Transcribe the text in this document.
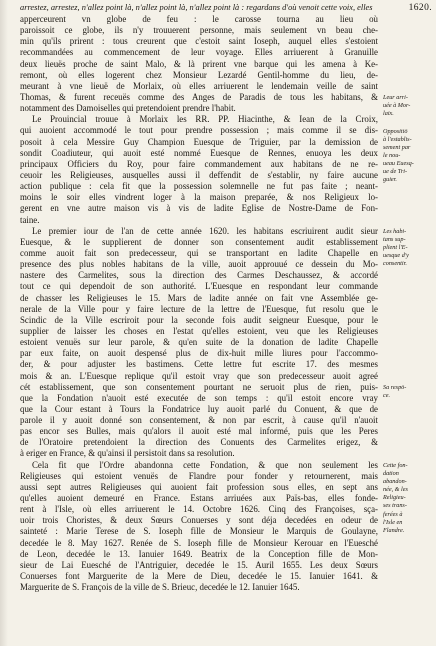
arrestez, arrestez, n'allez point là, n'allez point là, n'allez point là : regardans d'où venoit cette voix, elles	1620.
apperceurent vn globe de feu : le carosse tourna au lieu où
paroissoit ce globe, ils n'y trouuerent personne, mais seulement vn beau che-
min qu'ils prirent : tous creurent que c'estoit saint Ioseph, auquel elles s'estoient
recommandées au commencement de leur voyage. Elles arriuerent à Granuille
deux lieuës proche de saint Malo, & là prirent vne barque qui les amena à Ke-
remont, où elles logerent chez Monsieur Lezardé Gentil-homme du lieu, de-
meurant à vne lieuë de Morlaix, où elles arriuerent le lendemain veille de saint
Thomas, & furent receuës comme des Anges de Paradis de tous les habitans, &
notamment des Damoiselles qui pretendoient prendre l'habit.
Le Prouincial trouue à Morlaix les RR. PP. Hiacinthe, & Iean de la Croix,
qui auoient accommodé le tout pour prendre possession ; mais comme il se dis-
posoit à cela Messire Guy Champion Euesque de Triguier, par la demission de
sondit Coadiuteur, qui auoit esté nommé Euesque de Rennes, enuoya les deux
principaux Officiers du Roy, pour faire commandement aux habitans de ne re-
ceuoir les Religieuses, ausquelles aussi il deffendit de s'establir, ny faire aucune
action publique : cela fit que la possession solemnelle ne fut pas faite ; neant-
moins le soir elles vindrent loger à la maison preparée, & nos Religieux lo-
gerent en vne autre maison vis à vis de ladite Eglise de Nostre-Dame de Fon-
taine.
Le premier iour de l'an de cette année 1620. les habitans escriuirent audit sieur
Euesque, & le supplierent de donner son consentement audit establissement
comme auoit fait son predecesseur, qui se transportant en ladite Chapelle en
presence des plus nobles habitans de la ville, auoit approuué ce dessein du Mo-
nastere des Carmelites, sous la direction des Carmes Deschaussez, & accordé
tout ce qui dependoit de son authorité. L'Euesque en respondant leur commande
de chasser les Religieuses le 15. Mars de ladite année on fait vne Assemblée ge-
nerale de la Ville pour y faire lecture de la lettre de l'Euesque, fut resolu que le
Scindic de la Ville escriroit pour la seconde fois audit seigneur Euesque, pour le
supplier de laisser les choses en l'estat qu'elles estoient, veu que les Religieuses
estoient venuës sur leur parole, & qu'en suite de la donation de ladite Chapelle
par eux faite, on auoit despensé plus de dix-huit mille liures pour l'accommo-
der, & pour adjuster les bastimens. Cette lettre fut escrite 17. des mesmes
mois & an. L'Euesque replique qu'il estoit vray que son predecesseur auoit agreé
cét establissement, que son consentement pourtant ne seruoit plus de rien, puis-
que la Fondation n'auoit esté executée de son temps : qu'il estoit encore vray
que la Cour estant à Tours la Fondatrice luy auoit parlé du Conuent, & que de
parole il y auoit donné son consentement, & non par escrit, à cause qu'il n'auoit
pas encor ses Bulles, mais qu'alors il auoit esté mal informé, puis que les Peres
de l'Oratoire pretendoient la direction des Conuents des Carmelites erigez, &
à eriger en France, & qu'ainsi il persistoit dans sa resolution.
Cela fit que l'Ordre abandonna cette Fondation, & que non seulement les
Religieuses qui estoient venuës de Flandre pour fonder y retournerent, mais
aussi sept autres Religieuses qui auoient fait profession sous elles, en sept ans
qu'elles auoient demeuré en France. Estans arriuées aux Païs-bas, elles fonde-
rent à l'Isle, où elles arriuerent le 14. Octobre 1626. Cinq des Françoises, sça-
uoir trois Choristes, & deux Sœurs Conuerses y sont déja decedées en odeur de
sainteté : Marie Terese de S. Ioseph fille de Monsieur le Marquis de Goulayne,
decedée le 8. May 1627. Renée de S. Ioseph fille de Monsieur Kerouar en l'Euesché
de Leon, decedée le 13. Ianuier 1649. Beatrix de la Conception fille de Mon-
sieur de Lai Euesché de l'Antriguier, decedée le 15. Auril 1655. Les deux Sœurs
Conuerses font Marguerite de la Mere de Dieu, decedée le 15. Ianuier 1641. &
Marguerite de S. François de la ville de S. Brieuc, decedée le 12. Ianuier 1645.
Leur arri-
uée à Mor-
laix.
Oppositiō
à l'establis-
sement par
le nou-
ueau Euesq-
ue de Tri-
guier.
Les habi-
tans sup-
plient l'E-
uesque d'y
consentir.
Sa respō-
ce.
Cette fon-
dation
abandon-
née, & les
Religieu-
ses trans-
ferées à
l'Isle en
Flandre.
